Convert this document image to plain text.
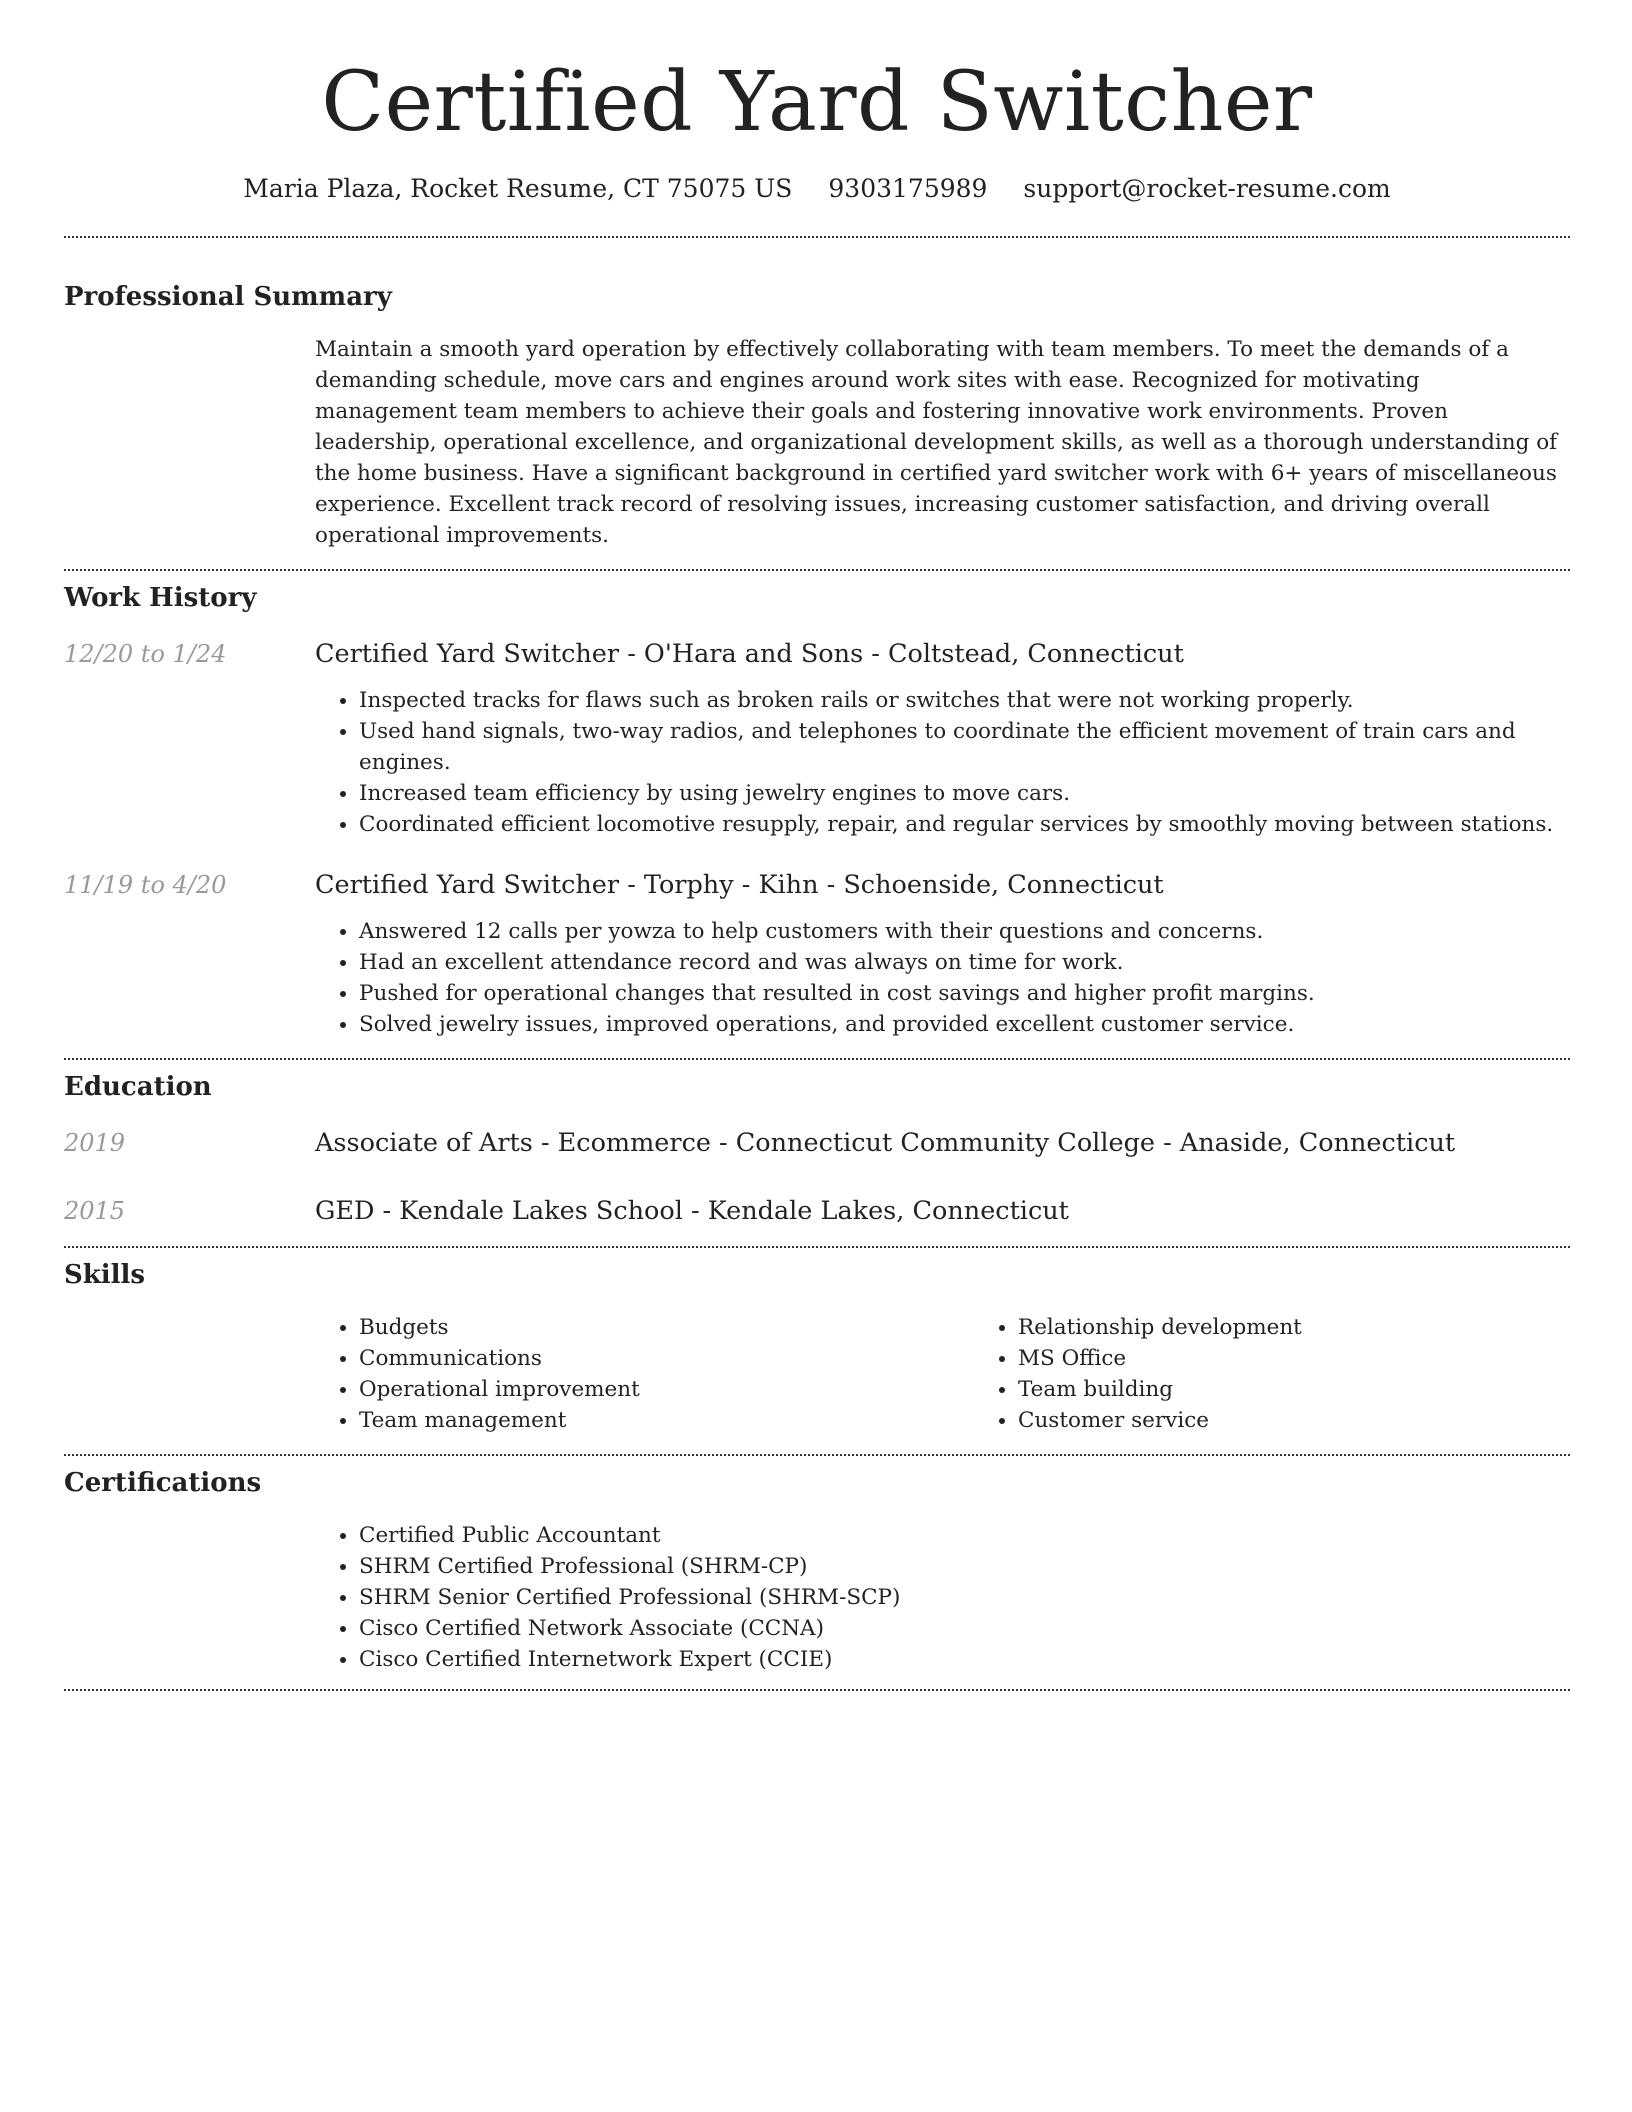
Certified Yard Switcher
Maria Plaza, Rocket Resume, CT 75075 US 9303175989 support@rocket-resume.com
Professional Summary
Maintain a smooth yard operation by effectively collaborating with team members. To meet the demands of a demanding schedule, move cars and engines around work sites with ease. Recognized for motivating management team members to achieve their goals and fostering innovative work environments. Proven leadership, operational excellence, and organizational development skills, as well as a thorough understanding of the home business. Have a significant background in certified yard switcher work with 6+ years of miscellaneous experience. Excellent track record of resolving issues, increasing customer satisfaction, and driving overall operational improvements.
Work History
12/20 to 1/24	Certified Yard Switcher - O'Hara and Sons - Coltstead, Connecticut
• Inspected tracks for flaws such as broken rails or switches that were not working properly.
• Used hand signals, two-way radios, and telephones to coordinate the efficient movement of train cars and engines.
• Increased team efficiency by using jewelry engines to move cars.
• Coordinated efficient locomotive resupply, repair, and regular services by smoothly moving between stations.
11/19 to 4/20	Certified Yard Switcher - Torphy - Kihn - Schoenside, Connecticut
• Answered 12 calls per yowza to help customers with their questions and concerns.
• Had an excellent attendance record and was always on time for work.
• Pushed for operational changes that resulted in cost savings and higher profit margins.
• Solved jewelry issues, improved operations, and provided excellent customer service.
Education
2019	Associate of Arts - Ecommerce - Connecticut Community College - Anaside, Connecticut
2015	GED - Kendale Lakes School - Kendale Lakes, Connecticut
Skills
• Budgets
• Communications
• Operational improvement
• Team management
• Relationship development
• MS Office
• Team building
• Customer service
Certifications
• Certified Public Accountant
• SHRM Certified Professional (SHRM-CP)
• SHRM Senior Certified Professional (SHRM-SCP)
• Cisco Certified Network Associate (CCNA)
• Cisco Certified Internetwork Expert (CCIE)
